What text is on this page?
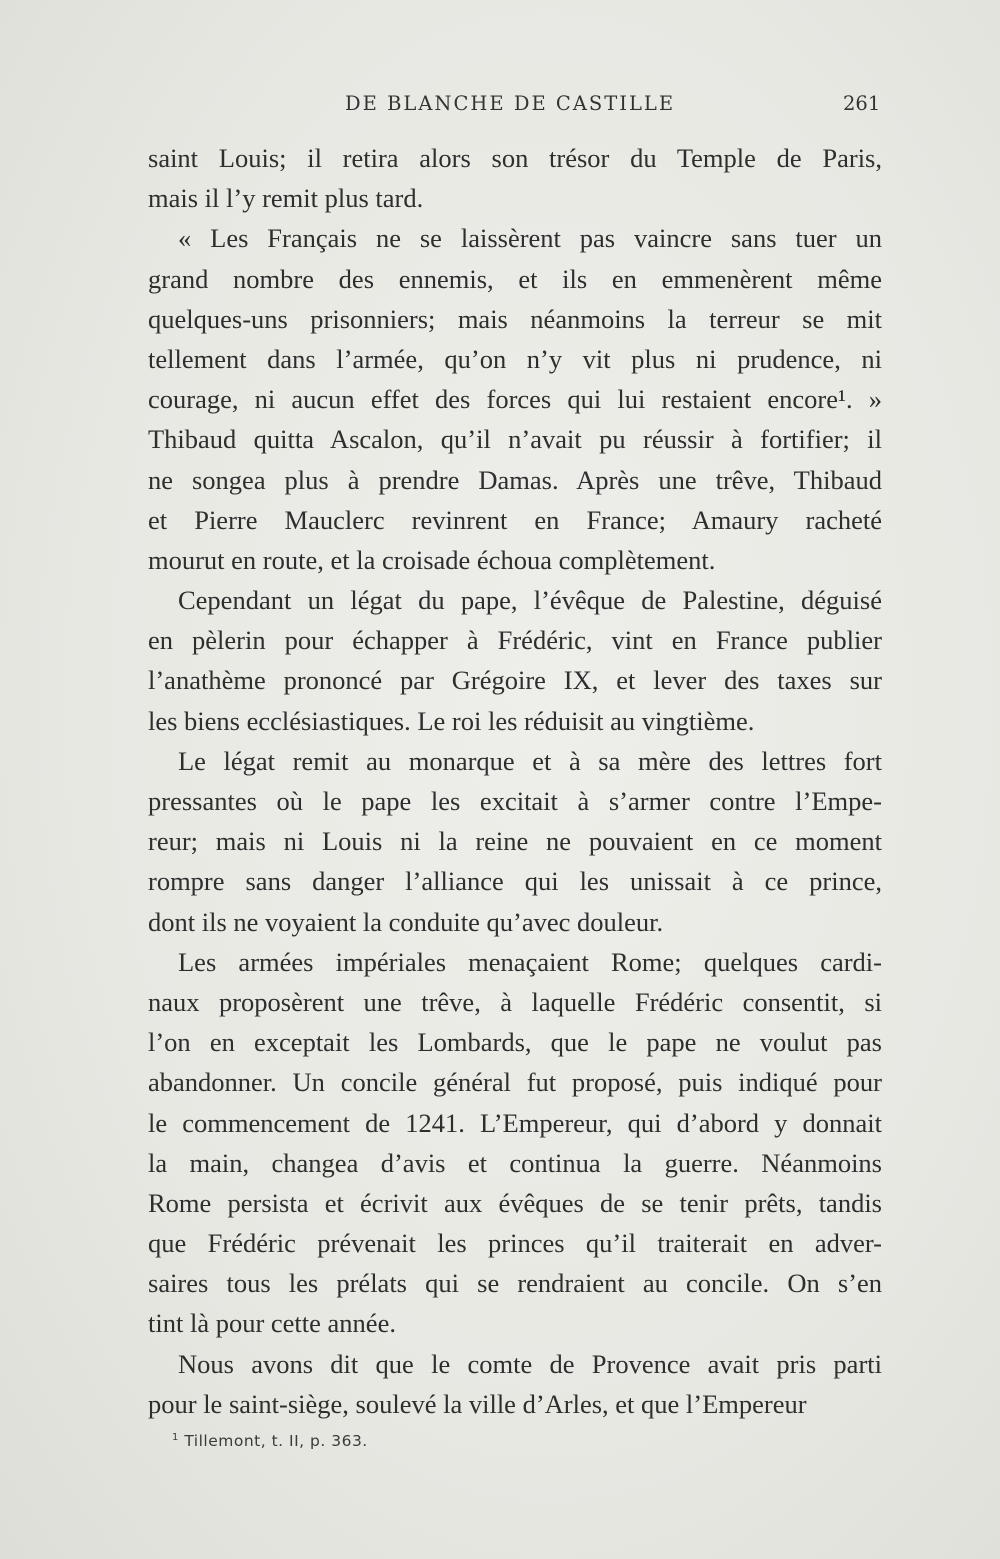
DE BLANCHE DE CASTILLE	261
saint Louis; il retira alors son trésor du Temple de Paris,
mais il l’y remit plus tard.
« Les Français ne se laissèrent pas vaincre sans tuer un
grand nombre des ennemis, et ils en emmenèrent même
quelques-uns prisonniers; mais néanmoins la terreur se mit
tellement dans l’armée, qu’on n’y vit plus ni prudence, ni
courage, ni aucun effet des forces qui lui restaient encore¹. »
Thibaud quitta Ascalon, qu’il n’avait pu réussir à fortifier; il
ne songea plus à prendre Damas. Après une trêve, Thibaud
et Pierre Mauclerc revinrent en France; Amaury racheté
mourut en route, et la croisade échoua complètement.
Cependant un légat du pape, l’évêque de Palestine, déguisé
en pèlerin pour échapper à Frédéric, vint en France publier
l’anathème prononcé par Grégoire IX, et lever des taxes sur
les biens ecclésiastiques. Le roi les réduisit au vingtième.
Le légat remit au monarque et à sa mère des lettres fort
pressantes où le pape les excitait à s’armer contre l’Empe-
reur; mais ni Louis ni la reine ne pouvaient en ce moment
rompre sans danger l’alliance qui les unissait à ce prince,
dont ils ne voyaient la conduite qu’avec douleur.
Les armées impériales menaçaient Rome; quelques cardi-
naux proposèrent une trêve, à laquelle Frédéric consentit, si
l’on en exceptait les Lombards, que le pape ne voulut pas
abandonner. Un concile général fut proposé, puis indiqué pour
le commencement de 1241. L’Empereur, qui d’abord y donnait
la main, changea d’avis et continua la guerre. Néanmoins
Rome persista et écrivit aux évêques de se tenir prêts, tandis
que Frédéric prévenait les princes qu’il traiterait en adver-
saires tous les prélats qui se rendraient au concile. On s’en
tint là pour cette année.
Nous avons dit que le comte de Provence avait pris parti
pour le saint-siège, soulevé la ville d’Arles, et que l’Empereur
$^1$ Tillemont, t. II, p. 363.
